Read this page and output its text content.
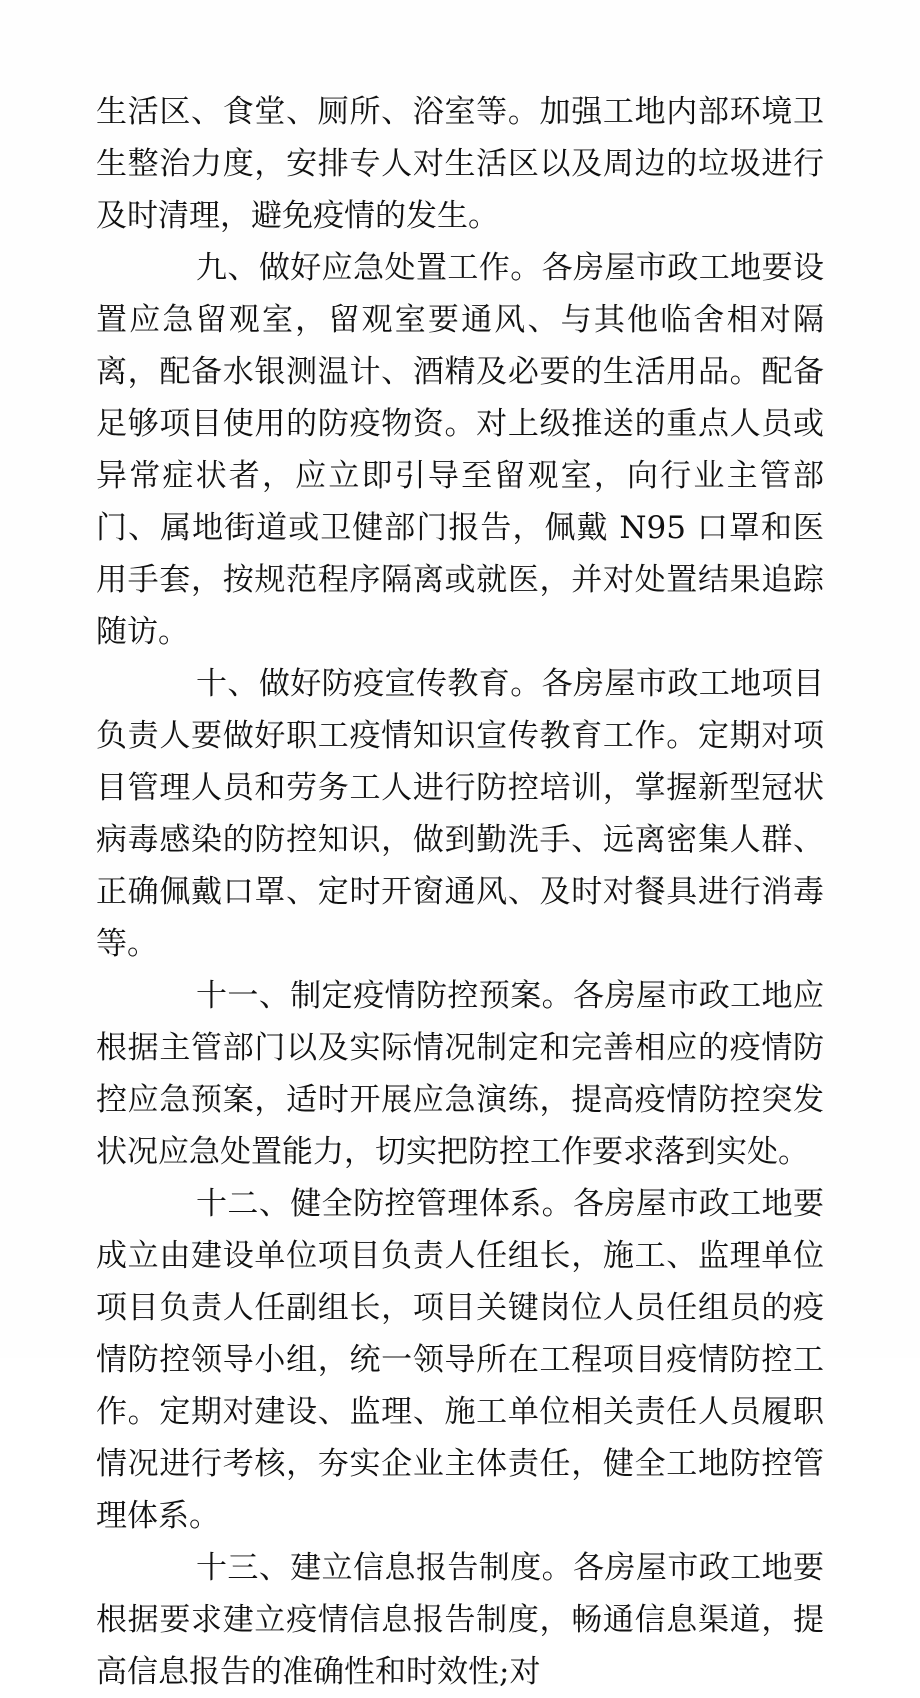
生活区、食堂、厕所、浴室等。加强工地内部环境卫生整治力度，安排专人对生活区以及周边的垃圾进行及时清理，避免疫情的发生。

九、做好应急处置工作。各房屋市政工地要设置应急留观室，留观室要通风、与其他临舍相对隔离，配备水银测温计、酒精及必要的生活用品。配备足够项目使用的防疫物资。对上级推送的重点人员或异常症状者，应立即引导至留观室，向行业主管部门、属地街道或卫健部门报告，佩戴 N95 口罩和医用手套，按规范程序隔离或就医，并对处置结果追踪随访。

十、做好防疫宣传教育。各房屋市政工地项目负责人要做好职工疫情知识宣传教育工作。定期对项目管理人员和劳务工人进行防控培训，掌握新型冠状病毒感染的防控知识，做到勤洗手、远离密集人群、正确佩戴口罩、定时开窗通风、及时对餐具进行消毒等。

十一、制定疫情防控预案。各房屋市政工地应根据主管部门以及实际情况制定和完善相应的疫情防控应急预案，适时开展应急演练，提高疫情防控突发状况应急处置能力，切实把防控工作要求落到实处。

十二、健全防控管理体系。各房屋市政工地要成立由建设单位项目负责人任组长，施工、监理单位项目负责人任副组长，项目关键岗位人员任组员的疫情防控领导小组，统一领导所在工程项目疫情防控工作。定期对建设、监理、施工单位相关责任人员履职情况进行考核，夯实企业主体责任，健全工地防控管理体系。

十三、建立信息报告制度。各房屋市政工地要根据要求建立疫情信息报告制度，畅通信息渠道，提高信息报告的准确性和时效性;对
